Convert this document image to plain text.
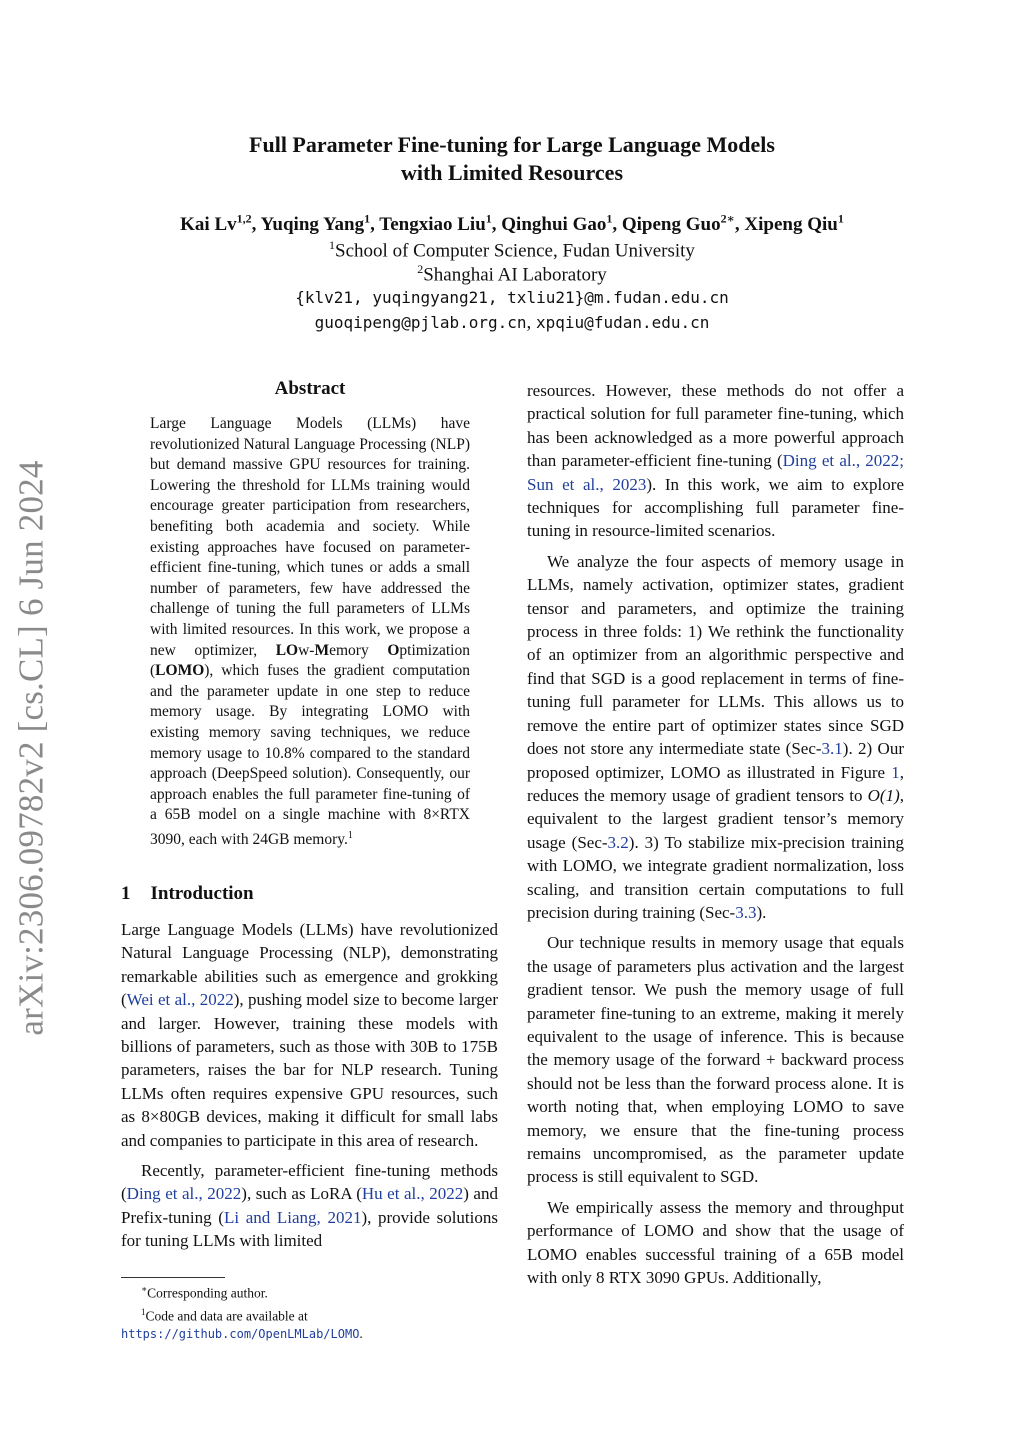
arXiv:2306.09782v2 [cs.CL] 6 Jun 2024
Full Parameter Fine-tuning for Large Language Models
with Limited Resources
Kai Lv$^{1,2}$, Yuqing Yang$^1$, Tengxiao Liu$^1$, Qinghui Gao$^1$, Qipeng Guo$^{2∗}$, Xipeng Qiu$^1$
$^1$School of Computer Science, Fudan University
$^2$Shanghai AI Laboratory
{klv21, yuqingyang21, txliu21}@m.fudan.edu.cn
guoqipeng@pjlab.org.cn, xpqiu@fudan.edu.cn
Abstract

Large Language Models (LLMs) have revolutionized Natural Language Processing (NLP) but demand massive GPU resources for training. Lowering the threshold for LLMs training would encourage greater participation from researchers, benefiting both academia and society. While existing approaches have focused on parameter-efficient fine-tuning, which tunes or adds a small number of parameters, few have addressed the challenge of tuning the full parameters of LLMs with limited resources. In this work, we propose a new optimizer, LOw-Memory Optimization (LOMO), which fuses the gradient computation and the parameter update in one step to reduce memory usage. By integrating LOMO with existing memory saving techniques, we reduce memory usage to 10.8% compared to the standard approach (DeepSpeed solution). Consequently, our approach enables the full parameter fine-tuning of a 65B model on a single machine with 8×RTX 3090, each with 24GB memory.$^1$

1 Introduction

Large Language Models (LLMs) have revolutionized Natural Language Processing (NLP), demonstrating remarkable abilities such as emergence and grokking (Wei et al., 2022), pushing model size to become larger and larger. However, training these models with billions of parameters, such as those with 30B to 175B parameters, raises the bar for NLP research. Tuning LLMs often requires expensive GPU resources, such as 8×80GB devices, making it difficult for small labs and companies to participate in this area of research.

Recently, parameter-efficient fine-tuning methods (Ding et al., 2022), such as LoRA (Hu et al., 2022) and Prefix-tuning (Li and Liang, 2021), provide solutions for tuning LLMs with limited

∗Corresponding author.
$^1$Code and data are available at https://github.com/OpenLMLab/LOMO.

resources. However, these methods do not offer a practical solution for full parameter fine-tuning, which has been acknowledged as a more powerful approach than parameter-efficient fine-tuning (Ding et al., 2022; Sun et al., 2023). In this work, we aim to explore techniques for accomplishing full parameter fine-tuning in resource-limited scenarios.

We analyze the four aspects of memory usage in LLMs, namely activation, optimizer states, gradient tensor and parameters, and optimize the training process in three folds: 1) We rethink the functionality of an optimizer from an algorithmic perspective and find that SGD is a good replacement in terms of fine-tuning full parameter for LLMs. This allows us to remove the entire part of optimizer states since SGD does not store any intermediate state (Sec-3.1). 2) Our proposed optimizer, LOMO as illustrated in Figure 1, reduces the memory usage of gradient tensors to O(1), equivalent to the largest gradient tensor’s memory usage (Sec-3.2). 3) To stabilize mix-precision training with LOMO, we integrate gradient normalization, loss scaling, and transition certain computations to full precision during training (Sec-3.3).

Our technique results in memory usage that equals the usage of parameters plus activation and the largest gradient tensor. We push the memory usage of full parameter fine-tuning to an extreme, making it merely equivalent to the usage of inference. This is because the memory usage of the forward + backward process should not be less than the forward process alone. It is worth noting that, when employing LOMO to save memory, we ensure that the fine-tuning process remains uncompromised, as the parameter update process is still equivalent to SGD.

We empirically assess the memory and throughput performance of LOMO and show that the usage of LOMO enables successful training of a 65B model with only 8 RTX 3090 GPUs. Additionally,
